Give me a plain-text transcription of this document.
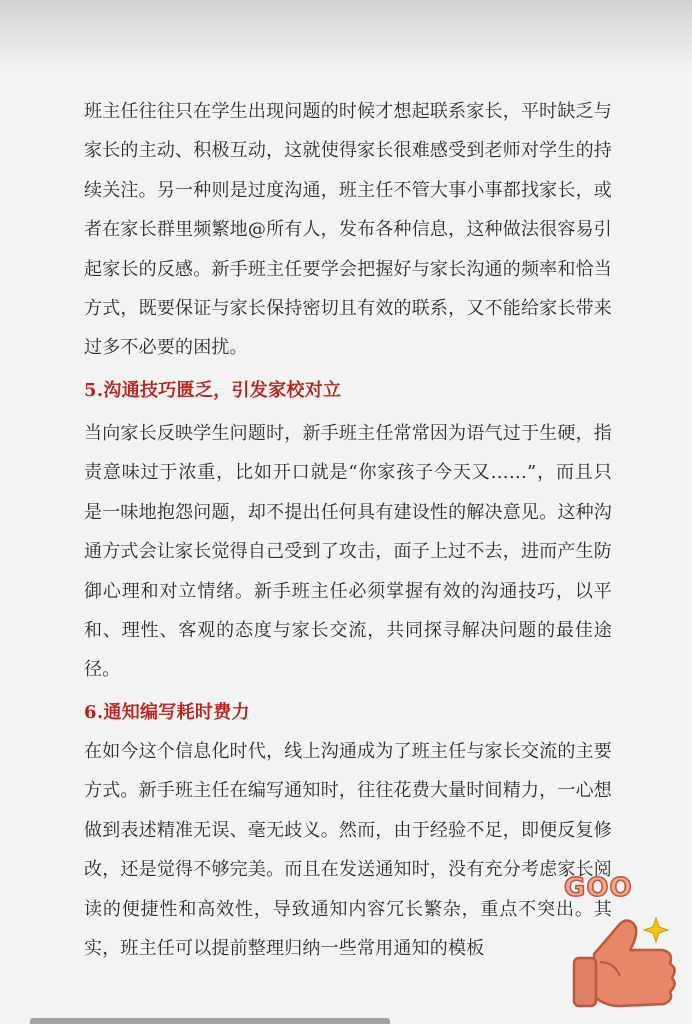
班主任往往只在学生出现问题的时候才想起联系家长，平时缺乏与家长的主动、积极互动，这就使得家长很难感受到老师对学生的持续关注。另一种则是过度沟通，班主任不管大事小事都找家长，或者在家长群里频繁地@所有人，发布各种信息，这种做法很容易引起家长的反感。新手班主任要学会把握好与家长沟通的频率和恰当方式，既要保证与家长保持密切且有效的联系，又不能给家长带来过多不必要的困扰。

5.沟通技巧匮乏，引发家校对立

当向家长反映学生问题时，新手班主任常常因为语气过于生硬，指责意味过于浓重，比如开口就是“你家孩子今天又……”，而且只是一味地抱怨问题，却不提出任何具有建设性的解决意见。这种沟通方式会让家长觉得自己受到了攻击，面子上过不去，进而产生防御心理和对立情绪。新手班主任必须掌握有效的沟通技巧，以平和、理性、客观的态度与家长交流，共同探寻解决问题的最佳途径。

6.通知编写耗时费力

在如今这个信息化时代，线上沟通成为了班主任与家长交流的主要方式。新手班主任在编写通知时，往往花费大量时间精力，一心想做到表述精准无误、毫无歧义。然而，由于经验不足，即便反复修改，还是觉得不够完美。而且在发送通知时，没有充分考虑家长阅读的便捷性和高效性，导致通知内容冗长繁杂，重点不突出。其实，班主任可以提前整理归纳一些常用通知的模板

GOO
